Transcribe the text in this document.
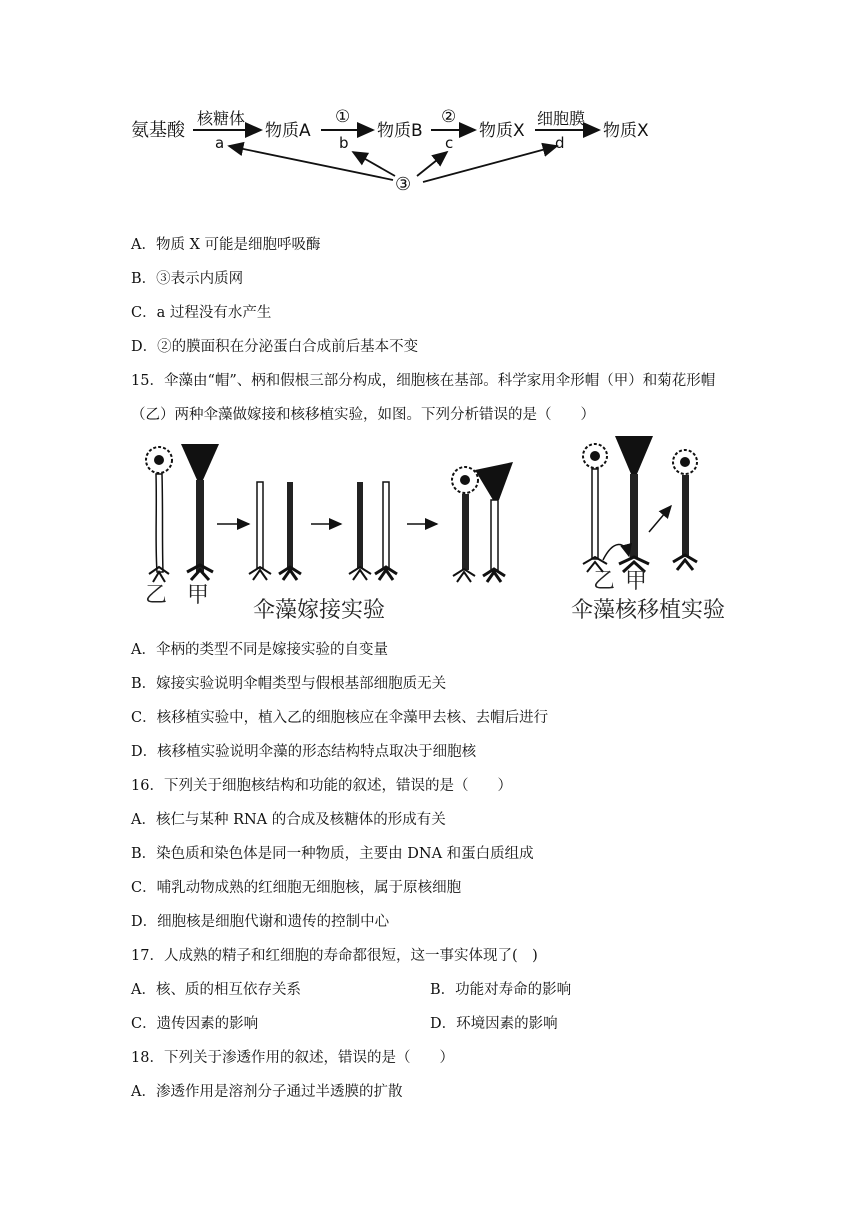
氨基酸
核糖体
a
物质A
①
b
物质B
②
c
物质X
细胞膜
d
物质X
③
A．物质 X 可能是细胞呼吸酶
B．③表示内质网
C．a 过程没有水产生
D．②的膜面积在分泌蛋白合成前后基本不变
15．伞藻由“帽”、柄和假根三部分构成，细胞核在基部。科学家用伞形帽（甲）和菊花形帽
（乙）两种伞藻做嫁接和核移植实验，如图。下列分析错误的是（　　）
乙 甲
伞藻嫁接实验
乙 甲
伞藻核移植实验
A．伞柄的类型不同是嫁接实验的自变量
B．嫁接实验说明伞帽类型与假根基部细胞质无关
C．核移植实验中，植入乙的细胞核应在伞藻甲去核、去帽后进行
D．核移植实验说明伞藻的形态结构特点取决于细胞核
16．下列关于细胞核结构和功能的叙述，错误的是（　　）
A．核仁与某种 RNA 的合成及核糖体的形成有关
B．染色质和染色体是同一种物质，主要由 DNA 和蛋白质组成
C．哺乳动物成熟的红细胞无细胞核，属于原核细胞
D．细胞核是细胞代谢和遗传的控制中心
17．人成熟的精子和红细胞的寿命都很短，这一事实体现了(　)
A．核、质的相互依存关系	B．功能对寿命的影响
C．遗传因素的影响	D．环境因素的影响
18．下列关于渗透作用的叙述，错误的是（　　）
A．渗透作用是溶剂分子通过半透膜的扩散
